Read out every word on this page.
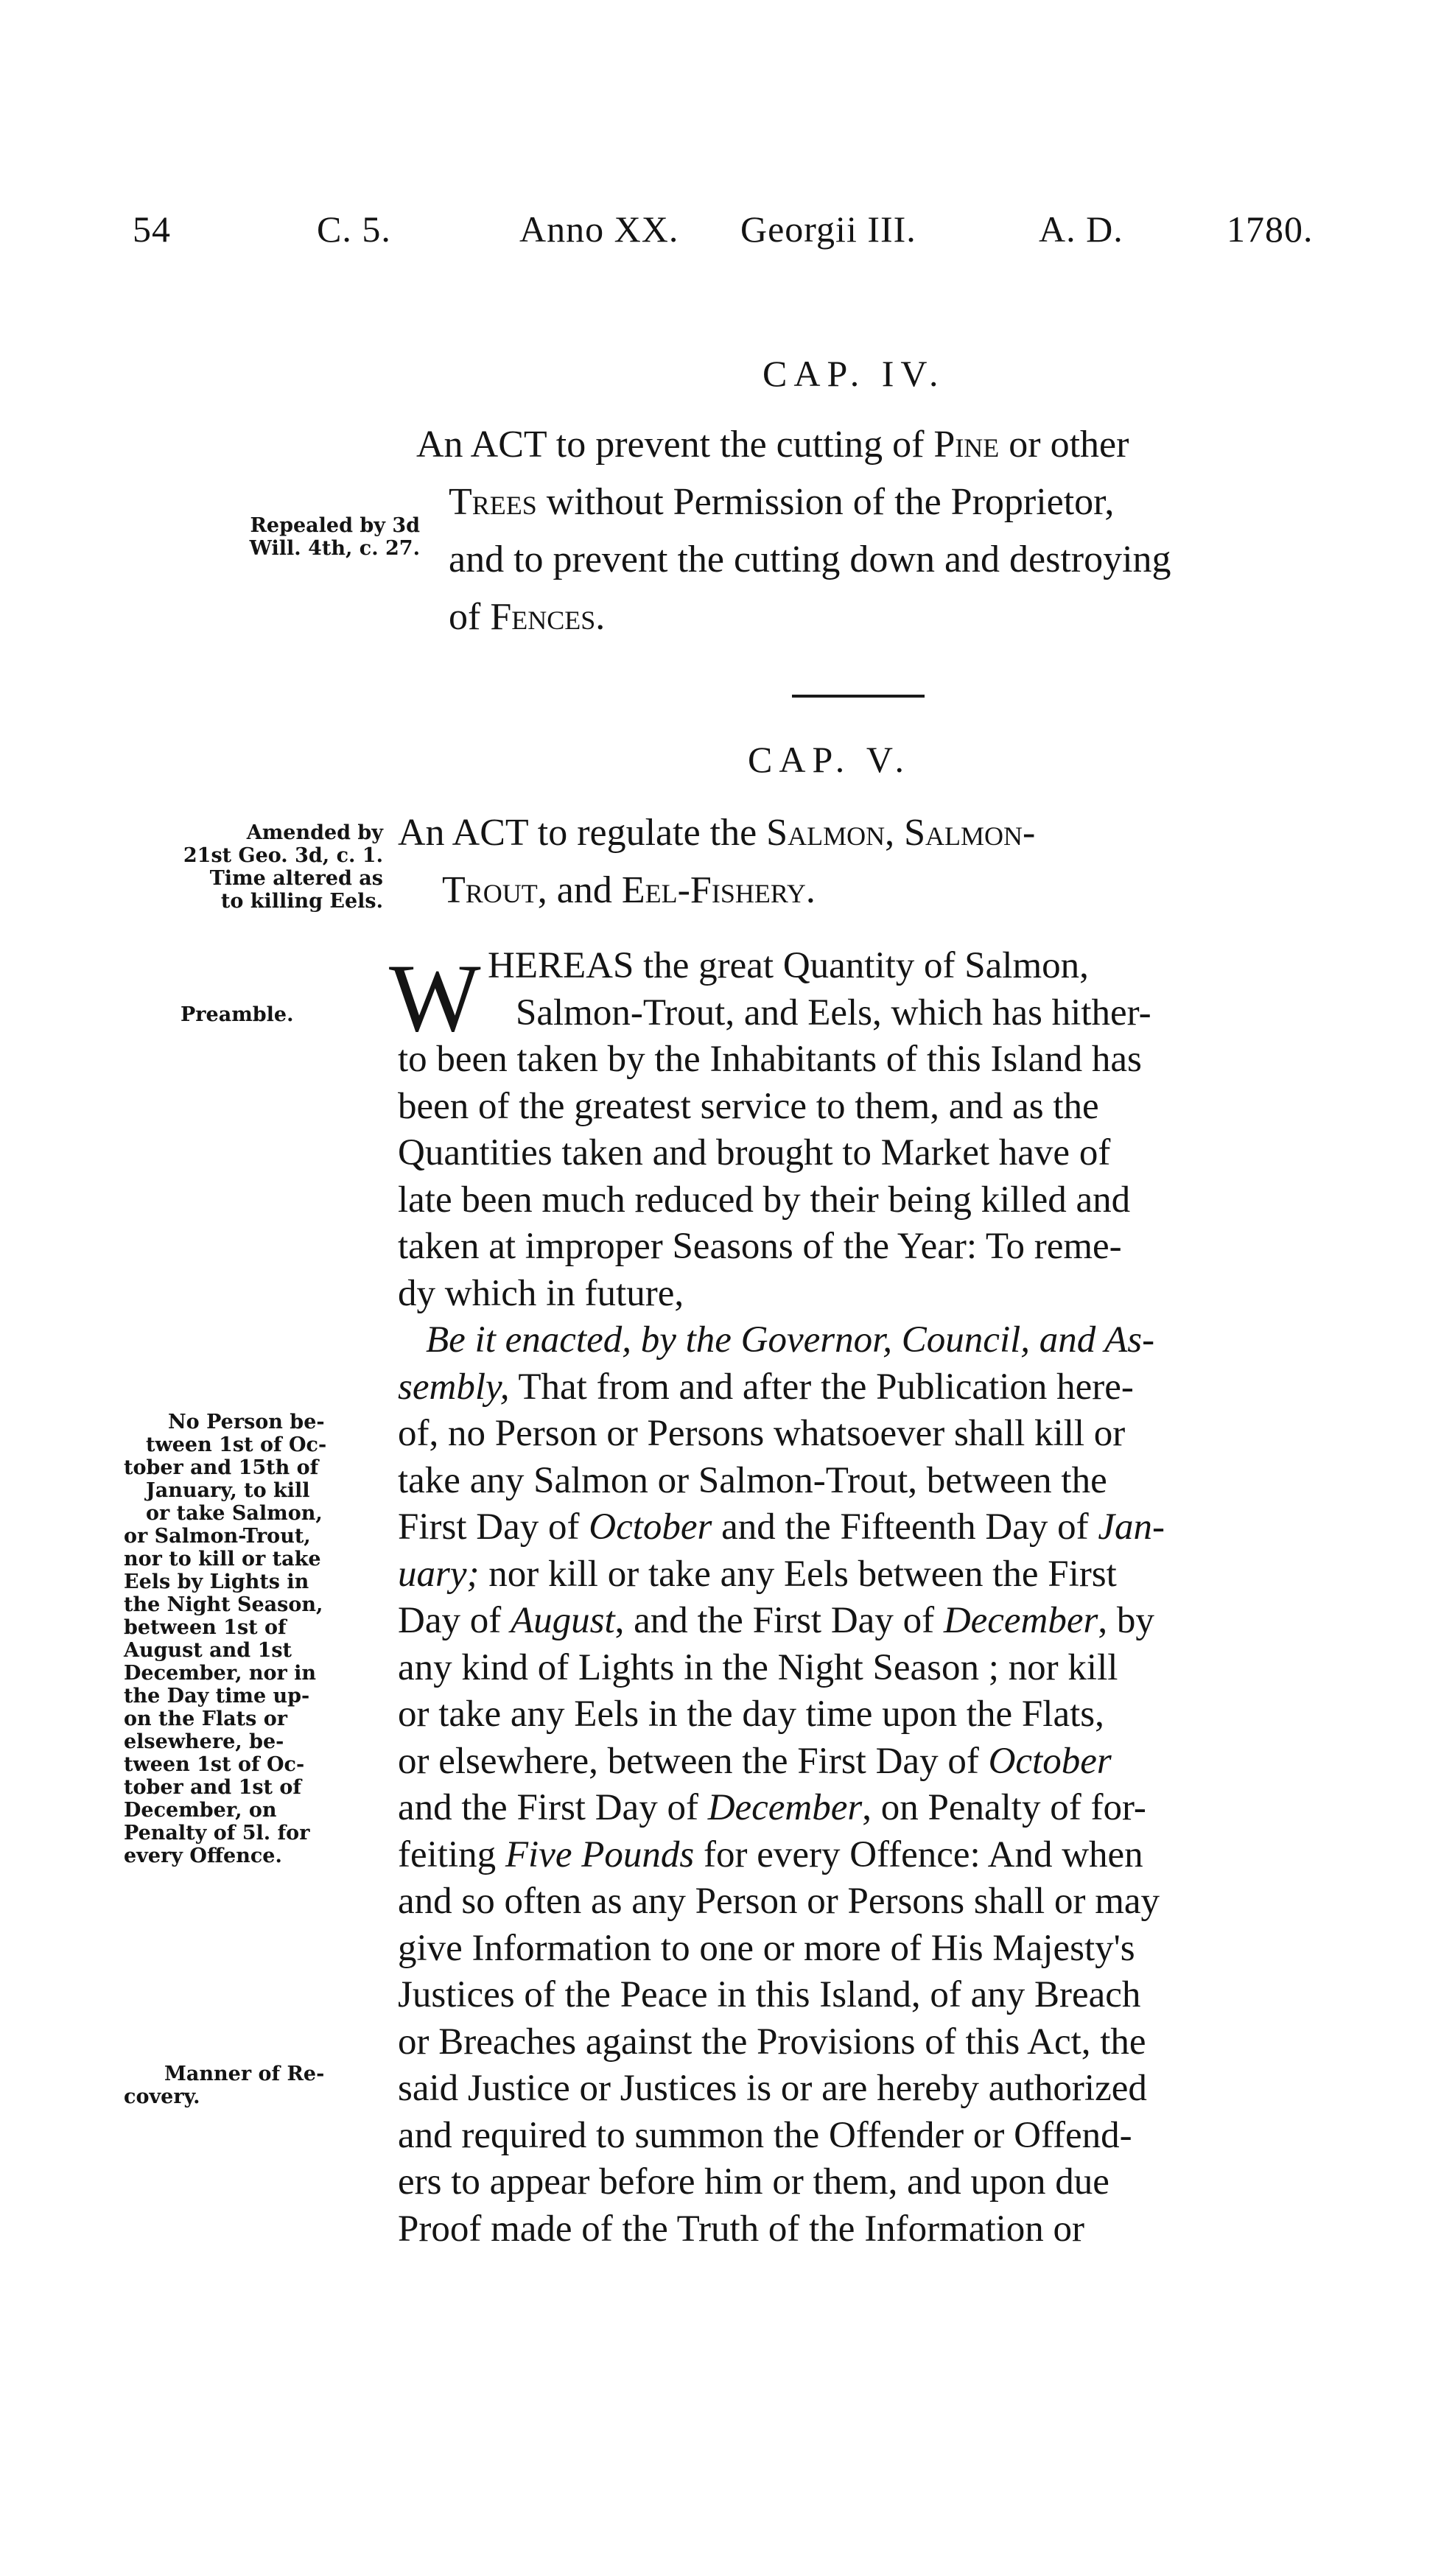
54	C. 5.	Anno XX. Georgii III.	A. D.	1780.
CAP. IV.
Repealed by 3d
Will. 4th, c. 27.
An ACT to prevent the cutting of Pine or other
Trees without Permission of the Proprietor,
and to prevent the cutting down and destroying
of Fences.
CAP. V.
Amended by
21st Geo. 3d, c. 1.
Time altered as
to killing Eels.
An ACT to regulate the Salmon, Salmon-
Trout, and Eel-Fishery.
Preamble.
No Person be-
tween 1st of Oc-
tober and 15th of
January, to kill
or take Salmon,
or Salmon-Trout,
nor to kill or take
Eels by Lights in
the Night Season,
between 1st of
August and 1st
December, nor in
the Day time up-
on the Flats or
elsewhere, be-
tween 1st of Oc-
tober and 1st of
December, on
Penalty of 5l. for
every Offence.
Manner of Re-
covery.
W HEREAS the great Quantity of Salmon,
Salmon-Trout, and Eels, which has hither-
to been taken by the Inhabitants of this Island has
been of the greatest service to them, and as the
Quantities taken and brought to Market have of
late been much reduced by their being killed and
taken at improper Seasons of the Year: To reme-
dy which in future,
Be it enacted, by the Governor, Council, and As-
sembly, That from and after the Publication here-
of, no Person or Persons whatsoever shall kill or
take any Salmon or Salmon-Trout, between the
First Day of October and the Fifteenth Day of Jan-
uary; nor kill or take any Eels between the First
Day of August, and the First Day of December, by
any kind of Lights in the Night Season ; nor kill
or take any Eels in the day time upon the Flats,
or elsewhere, between the First Day of October
and the First Day of December, on Penalty of for-
feiting Five Pounds for every Offence: And when
and so often as any Person or Persons shall or may
give Information to one or more of His Majesty's
Justices of the Peace in this Island, of any Breach
or Breaches against the Provisions of this Act, the
said Justice or Justices is or are hereby authorized
and required to summon the Offender or Offend-
ers to appear before him or them, and upon due
Proof made of the Truth of the Information or
